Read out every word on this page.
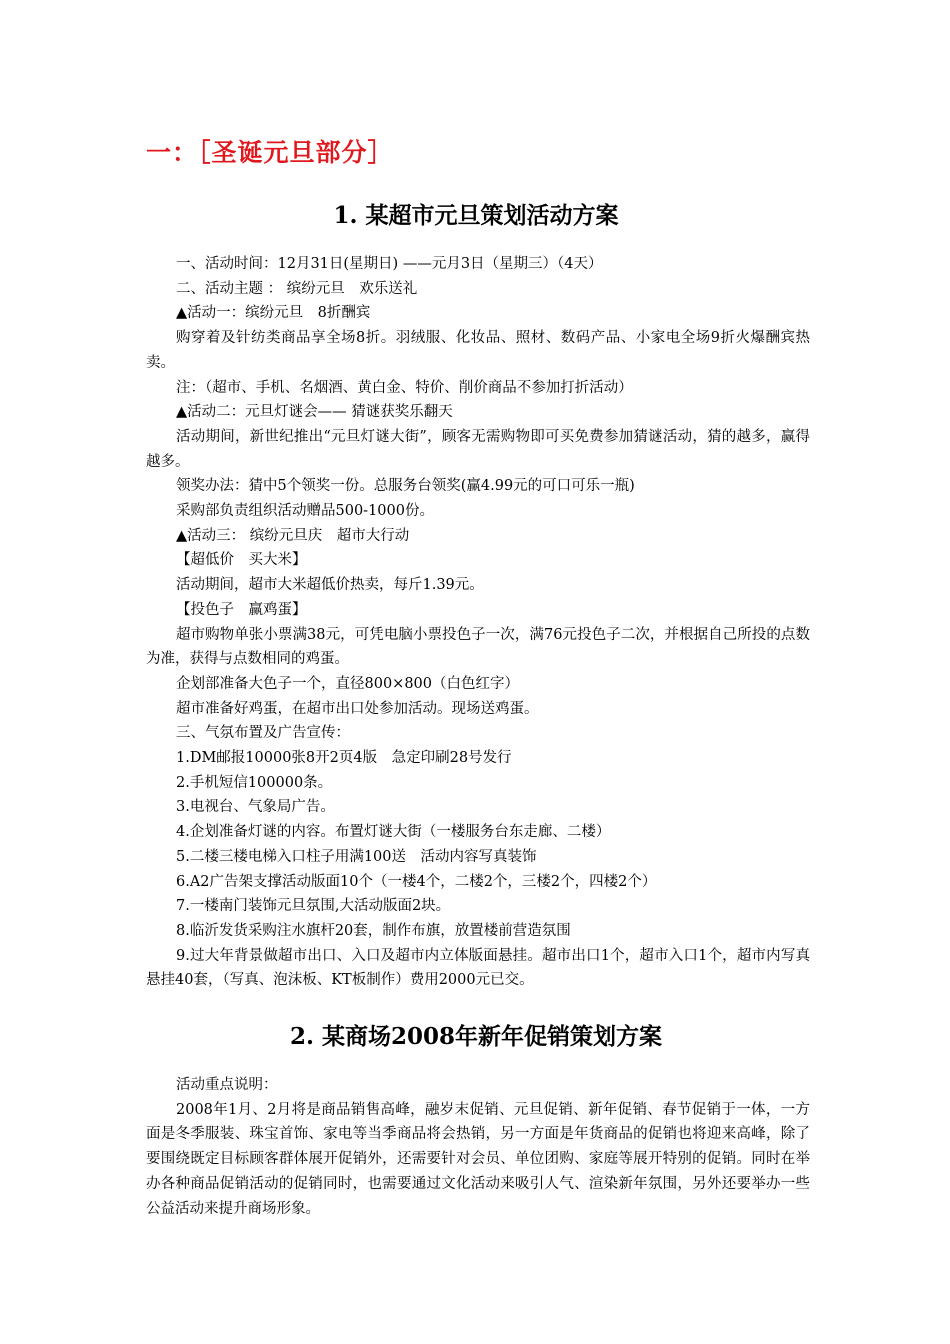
一：［圣诞元旦部分］
1. 某超市元旦策划活动方案

一、活动时间：12月31日(星期日) ——元月3日（星期三）（4天）

二、活动主题 ： 缤纷元旦　欢乐送礼

▲活动一：缤纷元旦　8折酬宾

购穿着及针纺类商品享全场8折。羽绒服、化妆品、照材、数码产品、小家电全场9折火爆酬宾热卖。

注：（超市、手机、名烟酒、黄白金、特价、削价商品不参加打折活动）

▲活动二：元旦灯谜会—— 猜谜获奖乐翻天

活动期间，新世纪推出“元旦灯谜大街”，顾客无需购物即可买免费参加猜谜活动，猜的越多，赢得越多。

领奖办法：猜中5个领奖一份。总服务台领奖(赢4.99元的可口可乐一瓶)

采购部负责组织活动赠品500-1000份。

▲活动三： 缤纷元旦庆　超市大行动

【超低价　买大米】

活动期间，超市大米超低价热卖，每斤1.39元。

【投色子　赢鸡蛋】

超市购物单张小票满38元，可凭电脑小票投色子一次，满76元投色子二次，并根据自己所投的点数为准，获得与点数相同的鸡蛋。

企划部准备大色子一个，直径800×800（白色红字）

超市准备好鸡蛋，在超市出口处参加活动。现场送鸡蛋。

三、气氛布置及广告宣传：

1.DM邮报10000张8开2页4版　急定印刷28号发行

2.手机短信100000条。

3.电视台、气象局广告。

4.企划准备灯谜的内容。布置灯谜大街（一楼服务台东走廊、二楼）

5.二楼三楼电梯入口柱子用满100送　活动内容写真装饰

6.A2广告架支撑活动版面10个（一楼4个，二楼2个，三楼2个，四楼2个）

7.一楼南门装饰元旦氛围,大活动版面2块。

8.临沂发货采购注水旗杆20套，制作布旗，放置楼前营造氛围

9.过大年背景做超市出口、入口及超市内立体版面悬挂。超市出口1个，超市入口1个，超市内写真悬挂40套，（写真、泡沫板、KT板制作）费用2000元已交。

2. 某商场2008年新年促销策划方案

活动重点说明：

2008年1月、2月将是商品销售高峰，融岁末促销、元旦促销、新年促销、春节促销于一体，一方面是冬季服装、珠宝首饰、家电等当季商品将会热销，另一方面是年货商品的促销也将迎来高峰，除了要围绕既定目标顾客群体展开促销外，还需要针对会员、单位团购、家庭等展开特别的促销。同时在举办各种商品促销活动的促销同时，也需要通过文化活动来吸引人气、渲染新年氛围，另外还要举办一些公益活动来提升商场形象。
